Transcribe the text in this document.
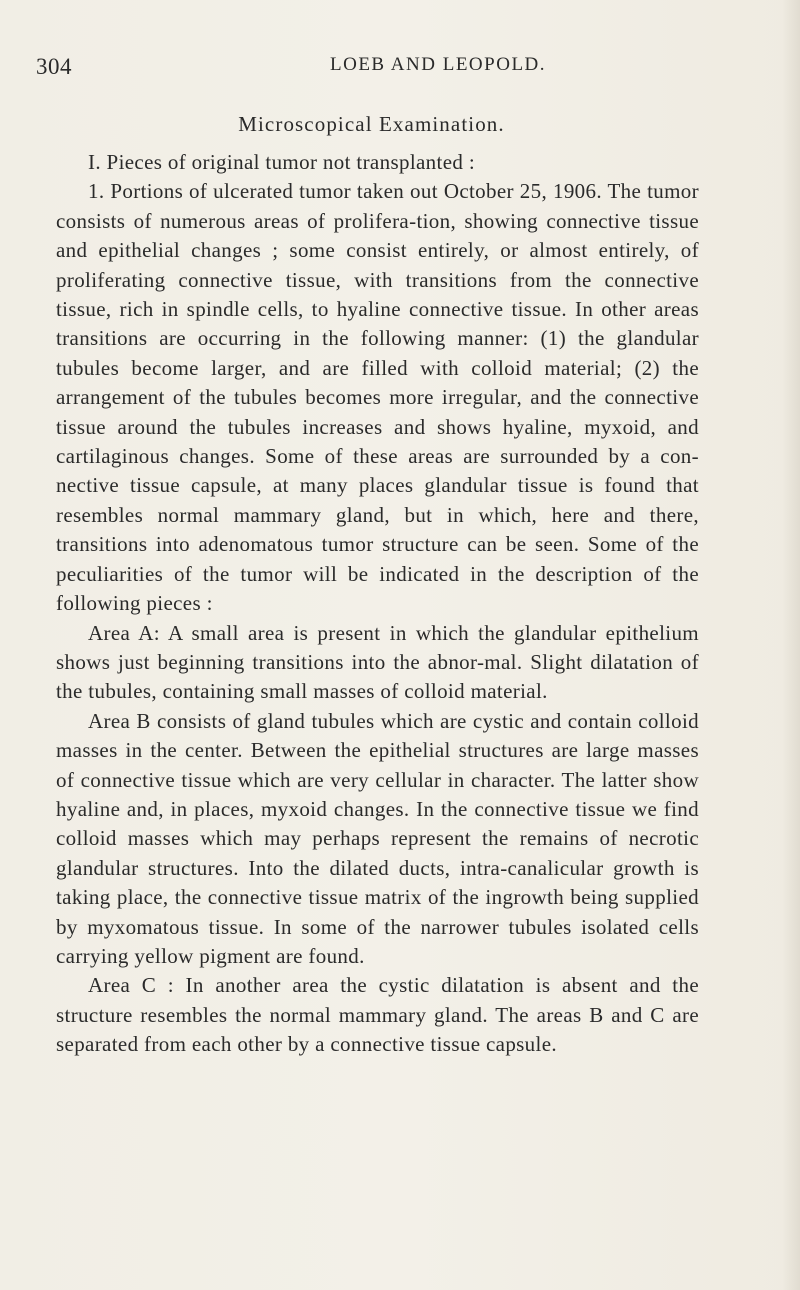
304	LOEB AND LEOPOLD.
Microscopical Examination.

I. Pieces of original tumor not transplanted :

1. Portions of ulcerated tumor taken out October 25, 1906. The tumor consists of numerous areas of prolifera-tion, showing connective tissue and epithelial changes ; some consist entirely, or almost entirely, of proliferating connective tissue, with transitions from the connective tissue, rich in spindle cells, to hyaline connective tissue. In other areas transitions are occurring in the following manner: (1) the glandular tubules become larger, and are filled with colloid material; (2) the arrangement of the tubules becomes more irregular, and the connective tissue around the tubules increases and shows hyaline, myxoid, and cartilaginous changes. Some of these areas are surrounded by a con-nective tissue capsule, at many places glandular tissue is found that resembles normal mammary gland, but in which, here and there, transitions into adenomatous tumor structure can be seen. Some of the peculiarities of the tumor will be indicated in the description of the following pieces :

Area A: A small area is present in which the glandular epithelium shows just beginning transitions into the abnor-mal. Slight dilatation of the tubules, containing small masses of colloid material.

Area B consists of gland tubules which are cystic and contain colloid masses in the center. Between the epithelial structures are large masses of connective tissue which are very cellular in character. The latter show hyaline and, in places, myxoid changes. In the connective tissue we find colloid masses which may perhaps represent the remains of necrotic glandular structures. Into the dilated ducts, intra-canalicular growth is taking place, the connective tissue matrix of the ingrowth being supplied by myxomatous tissue. In some of the narrower tubules isolated cells carrying yellow pigment are found.

Area C : In another area the cystic dilatation is absent and the structure resembles the normal mammary gland. The areas B and C are separated from each other by a connective tissue capsule.
